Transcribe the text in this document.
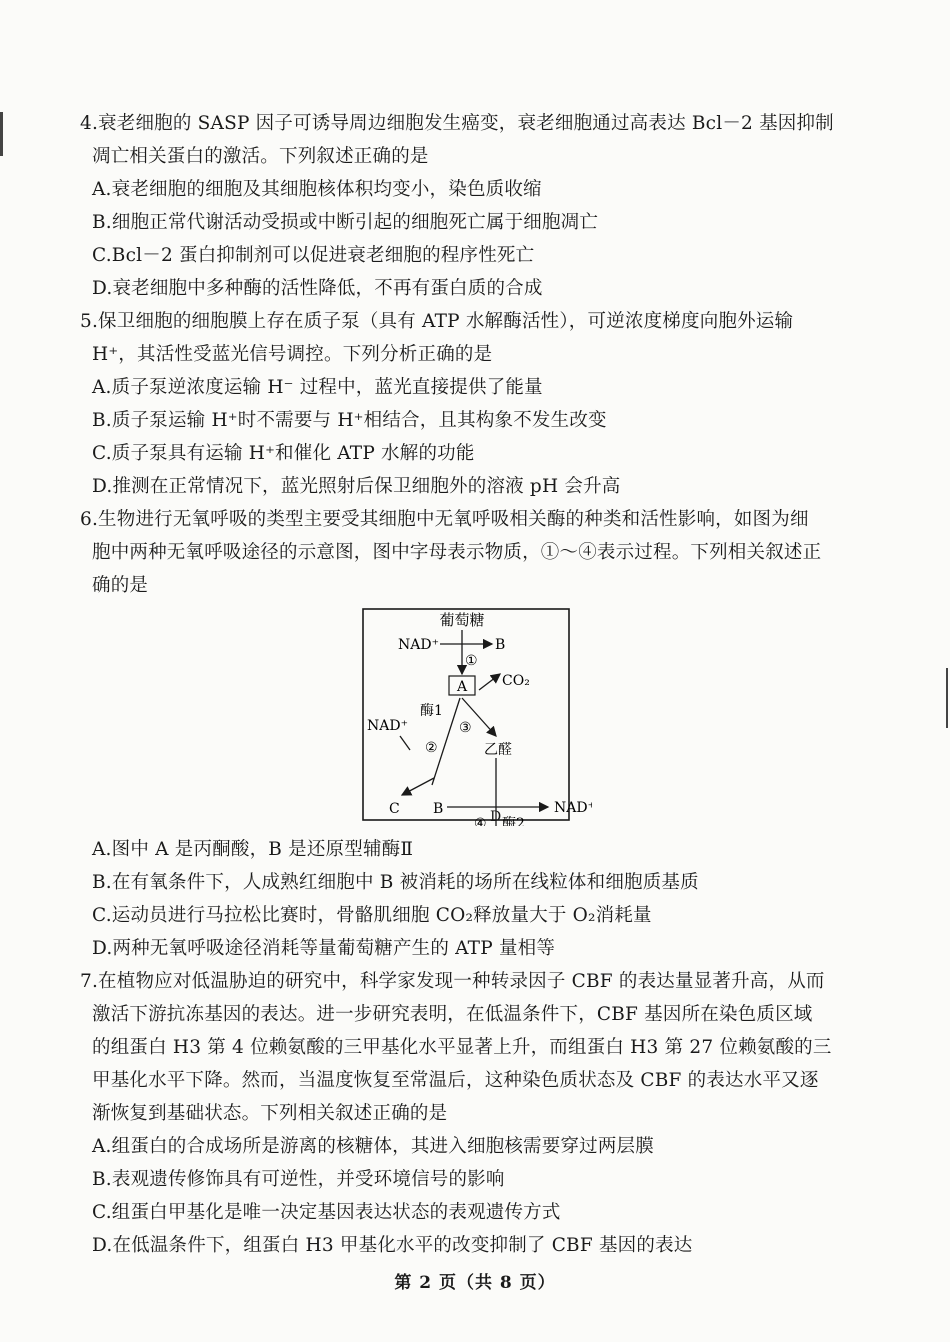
4.衰老细胞的 SASP 因子可诱导周边细胞发生癌变，衰老细胞通过高表达 Bcl－2 基因抑制
凋亡相关蛋白的激活。下列叙述正确的是
A.衰老细胞的细胞及其细胞核体积均变小，染色质收缩
B.细胞正常代谢活动受损或中断引起的细胞死亡属于细胞凋亡
C.Bcl－2 蛋白抑制剂可以促进衰老细胞的程序性死亡
D.衰老细胞中多种酶的活性降低，不再有蛋白质的合成
5.保卫细胞的细胞膜上存在质子泵（具有 ATP 水解酶活性），可逆浓度梯度向胞外运输
H⁺，其活性受蓝光信号调控。下列分析正确的是
A.质子泵逆浓度运输 H⁻ 过程中，蓝光直接提供了能量
B.质子泵运输 H⁺时不需要与 H⁺相结合，且其构象不发生改变
C.质子泵具有运输 H⁺和催化 ATP 水解的功能
D.推测在正常情况下，蓝光照射后保卫细胞外的溶液 pH 会升高
6.生物进行无氧呼吸的类型主要受其细胞中无氧呼吸相关酶的种类和活性影响，如图为细
胞中两种无氧呼吸途径的示意图，图中字母表示物质，①～④表示过程。下列相关叙述正
确的是
葡萄糖
NAD⁺	B
①
A CO₂
酶1
③
乙醛
NAD⁺
②
C B	NAD⁺
④ 酶2
D
A.图中 A 是丙酮酸，B 是还原型辅酶Ⅱ
B.在有氧条件下，人成熟红细胞中 B 被消耗的场所在线粒体和细胞质基质
C.运动员进行马拉松比赛时，骨骼肌细胞 CO₂释放量大于 O₂消耗量
D.两种无氧呼吸途径消耗等量葡萄糖产生的 ATP 量相等
7.在植物应对低温胁迫的研究中，科学家发现一种转录因子 CBF 的表达量显著升高，从而
激活下游抗冻基因的表达。进一步研究表明，在低温条件下，CBF 基因所在染色质区域
的组蛋白 H3 第 4 位赖氨酸的三甲基化水平显著上升，而组蛋白 H3 第 27 位赖氨酸的三
甲基化水平下降。然而，当温度恢复至常温后，这种染色质状态及 CBF 的表达水平又逐
渐恢复到基础状态。下列相关叙述正确的是
A.组蛋白的合成场所是游离的核糖体，其进入细胞核需要穿过两层膜
B.表观遗传修饰具有可逆性，并受环境信号的影响
C.组蛋白甲基化是唯一决定基因表达状态的表观遗传方式
D.在低温条件下，组蛋白 H3 甲基化水平的改变抑制了 CBF 基因的表达
第 2 页（共 8 页）
